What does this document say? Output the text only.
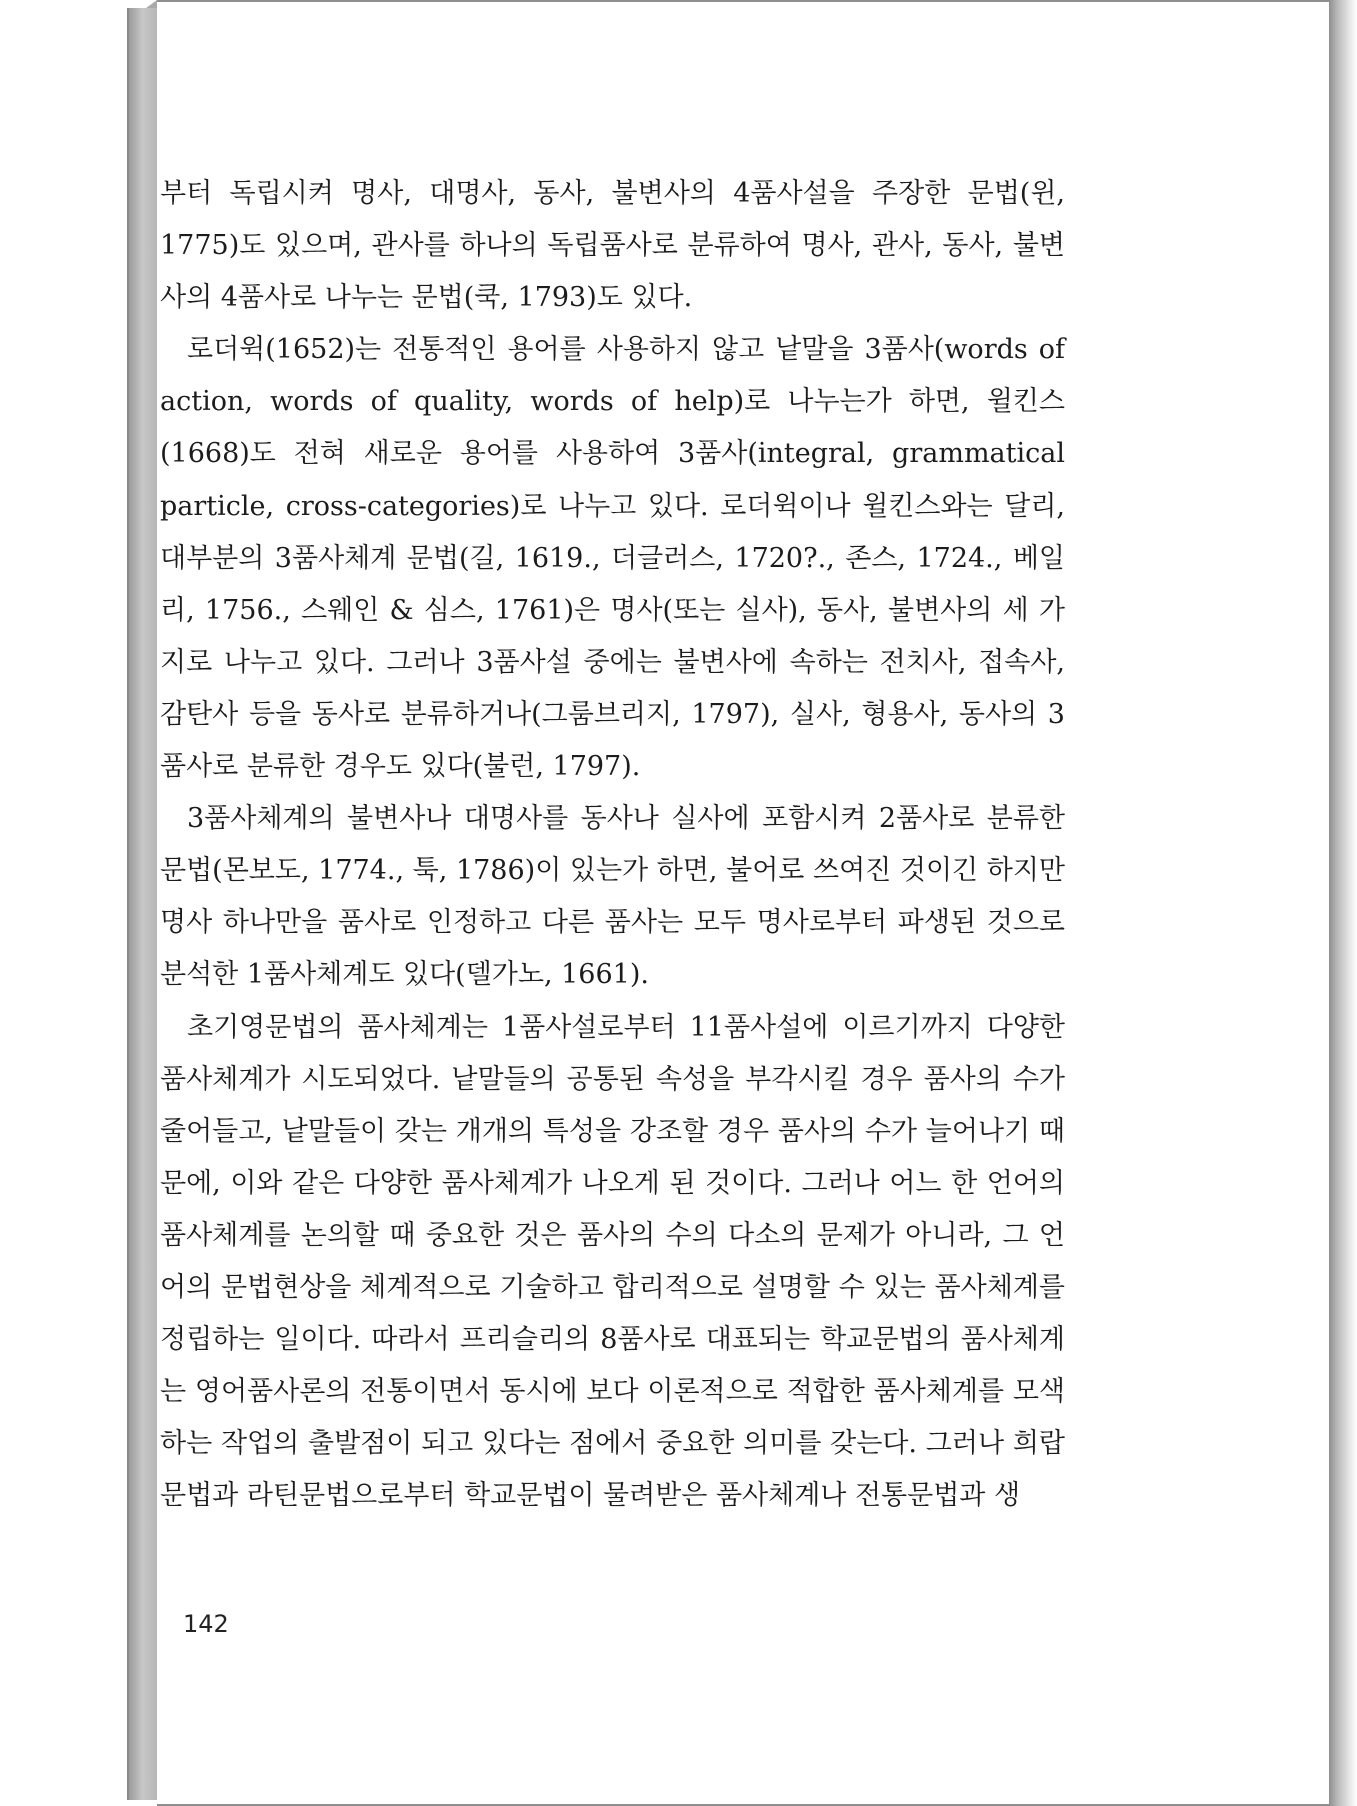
부터 독립시켜 명사, 대명사, 동사, 불변사의 4품사설을 주장한 문법(윈, 1775)도 있으며, 관사를 하나의 독립품사로 분류하여 명사, 관사, 동사, 불변사의 4품사로 나누는 문법(쿡, 1793)도 있다.

로더윅(1652)는 전통적인 용어를 사용하지 않고 낱말을 3품사(words of action, words of quality, words of help)로 나누는가 하면, 윌킨스(1668)도 전혀 새로운 용어를 사용하여 3품사(integral, grammatical particle, cross-categories)로 나누고 있다. 로더윅이나 윌킨스와는 달리, 대부분의 3품사체계 문법(길, 1619., 더글러스, 1720?., 존스, 1724., 베일리, 1756., 스웨인 & 심스, 1761)은 명사(또는 실사), 동사, 불변사의 세 가지로 나누고 있다. 그러나 3품사설 중에는 불변사에 속하는 전치사, 접속사, 감탄사 등을 동사로 분류하거나(그룸브리지, 1797), 실사, 형용사, 동사의 3품사로 분류한 경우도 있다(불런, 1797).

3품사체계의 불변사나 대명사를 동사나 실사에 포함시켜 2품사로 분류한 문법(몬보도, 1774., 툭, 1786)이 있는가 하면, 불어로 쓰여진 것이긴 하지만 명사 하나만을 품사로 인정하고 다른 품사는 모두 명사로부터 파생된 것으로 분석한 1품사체계도 있다(델가노, 1661).

초기영문법의 품사체계는 1품사설로부터 11품사설에 이르기까지 다양한 품사체계가 시도되었다. 낱말들의 공통된 속성을 부각시킬 경우 품사의 수가 줄어들고, 낱말들이 갖는 개개의 특성을 강조할 경우 품사의 수가 늘어나기 때문에, 이와 같은 다양한 품사체계가 나오게 된 것이다. 그러나 어느 한 언어의 품사체계를 논의할 때 중요한 것은 품사의 수의 다소의 문제가 아니라, 그 언어의 문법현상을 체계적으로 기술하고 합리적으로 설명할 수 있는 품사체계를 정립하는 일이다. 따라서 프리슬리의 8품사로 대표되는 학교문법의 품사체계는 영어품사론의 전통이면서 동시에 보다 이론적으로 적합한 품사체계를 모색하는 작업의 출발점이 되고 있다는 점에서 중요한 의미를 갖는다. 그러나 희랍문법과 라틴문법으로부터 학교문법이 물려받은 품사체계나 전통문법과 생

142
